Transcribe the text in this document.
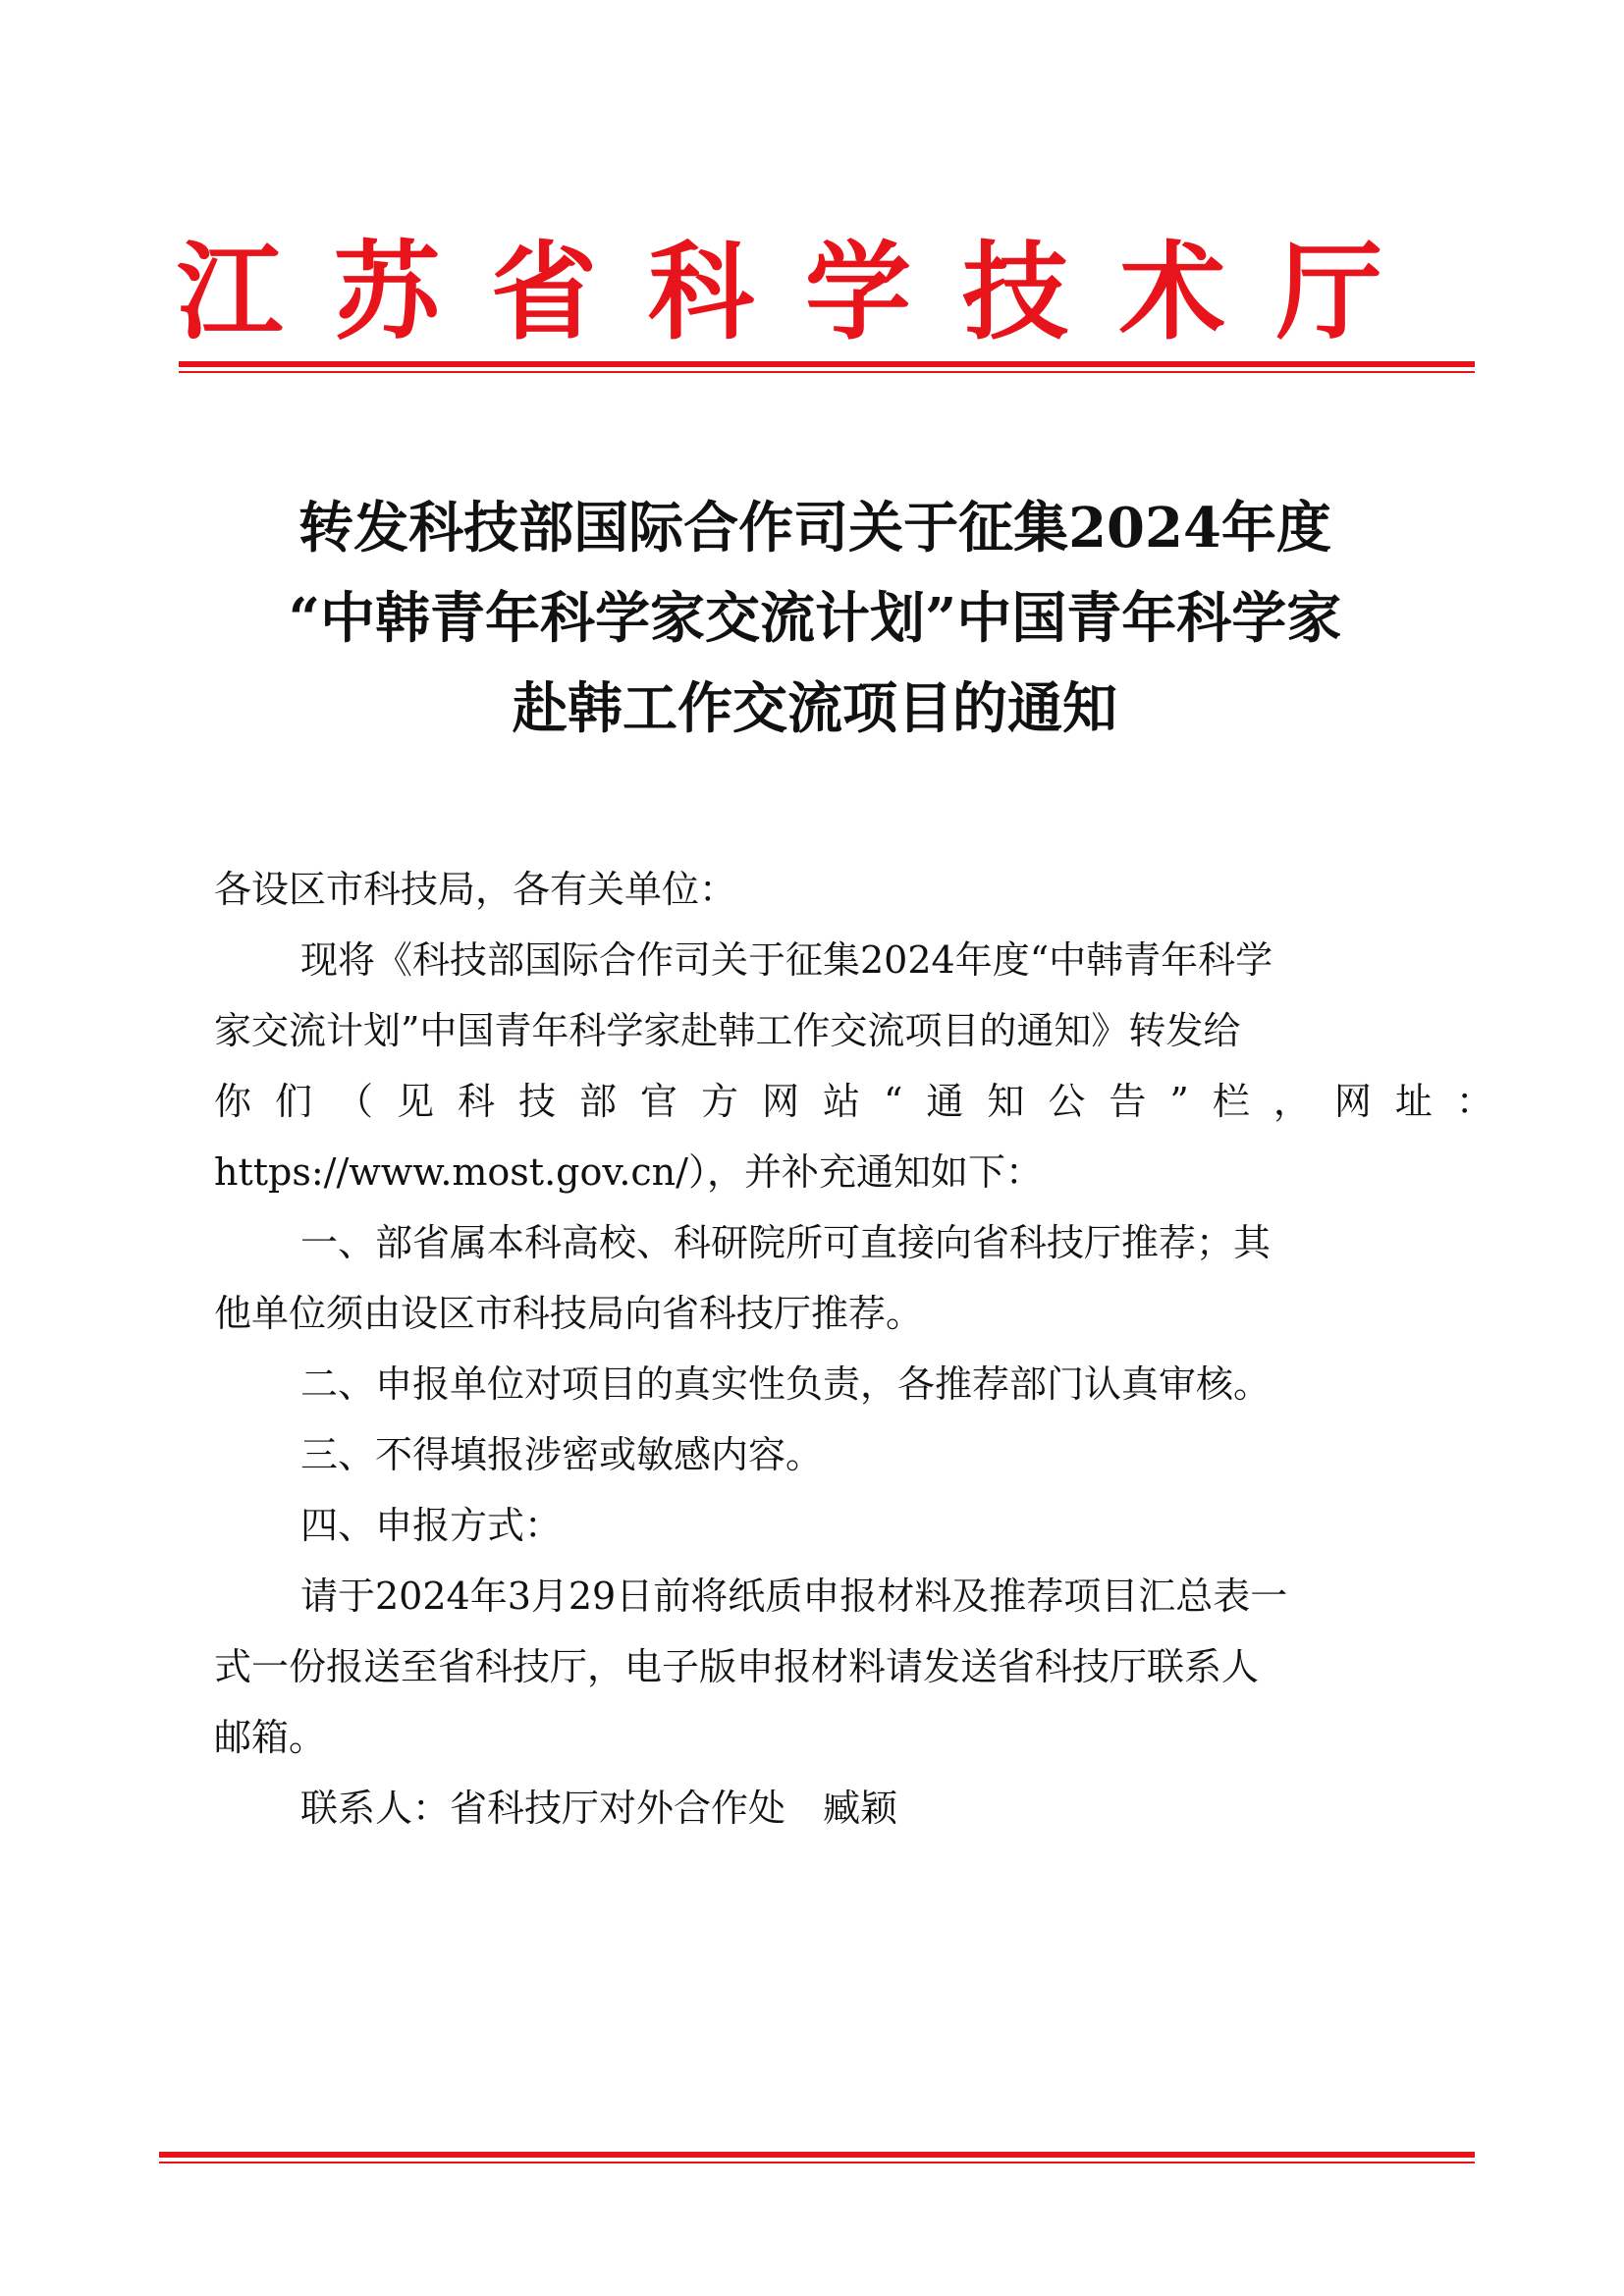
江苏省科学技术厅
转发科技部国际合作司关于征集2024年度
“中韩青年科学家交流计划”中国青年科学家
赴韩工作交流项目的通知

各设区市科技局，各有关单位：

现将《科技部国际合作司关于征集2024年度“中韩青年科学

家交流计划”中国青年科学家赴韩工作交流项目的通知》转发给
你们（见科技部官方网站“通知公告”栏，网址：
https://www.most.gov.cn/），并补充通知如下：

一、部省属本科高校、科研院所可直接向省科技厅推荐；其

他单位须由设区市科技局向省科技厅推荐。

二、申报单位对项目的真实性负责，各推荐部门认真审核。

三、不得填报涉密或敏感内容。

四、申报方式：

请于2024年3月29日前将纸质申报材料及推荐项目汇总表一

式一份报送至省科技厅，电子版申报材料请发送省科技厅联系人
邮箱。

联系人：省科技厅对外合作处　臧颖
